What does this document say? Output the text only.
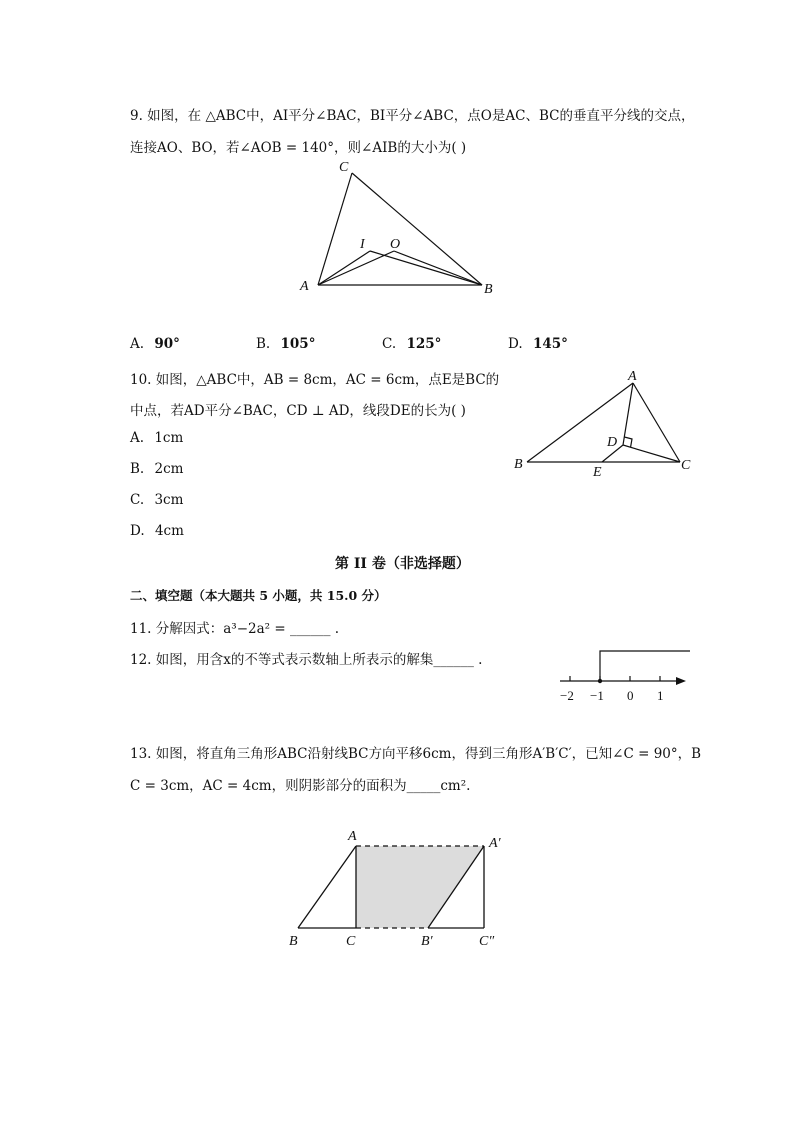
9. 如图，在 △ABC中，AI平分∠BAC，BI平分∠ABC，点O是AC、BC的垂直平分线的交点，
连接AO、BO，若∠AOB = 140°，则∠AIB的大小为( )
C
A	B
I O
A. 90°	B. 105°	C. 125°	D. 145°
10. 如图，△ABC中，AB = 8cm，AC = 6cm，点E是BC的
中点，若AD平分∠BAC，CD ⊥ AD，线段DE的长为( )
A. 1cm
B. 2cm
C. 3cm
D. 4cm
A
B	C
D
E
第 II 卷（非选择题）
二、填空题（本大题共 5 小题，共 15.0 分）
11. 分解因式：a³−2a² = ______ .
12. 如图，用含x的不等式表示数轴上所表示的解集______ .
−2 −1 0 1
13. 如图，将直角三角形ABC沿射线BC方向平移6cm，得到三角形A′B′C′，已知∠C = 90°，B
C = 3cm，AC = 4cm，则阴影部分的面积为_____cm².
A
B	C
A′
B′	C″
